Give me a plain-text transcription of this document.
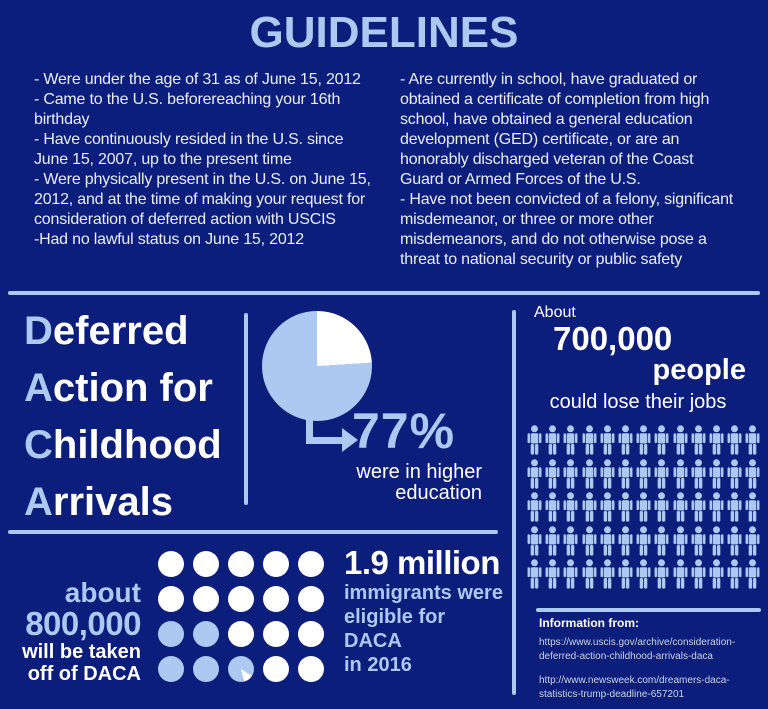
GUIDELINES
- Were under the age of 31 as of June 15, 2012
- Came to the U.S. beforereaching your 16th birthday
- Have continuously resided in the U.S. since June 15, 2007, up to the present time
- Were physically present in the U.S. on June 15, 2012, and at the time of making your request for consideration of deferred action with USCIS
-Had no lawful status on June 15, 2012
- Are currently in school, have graduated or obtained a certificate of completion from high school, have obtained a general education development (GED) certificate, or are an honorably discharged veteran of the Coast Guard or Armed Forces of the U.S.
- Have not been convicted of a felony, significant misdemeanor, or three or more other misdemeanors, and do not otherwise pose a threat to national security or public safety
Deferred
Action for
Childhood
Arrivals
77%
were in higher
education
About
700,000
people
could lose their jobs
about
800,000
will be taken
off of DACA
1.9 million
immigrants were
eligible for DACA
in 2016
Information from:
https://www.uscis.gov/archive/consideration-deferred-action-childhood-arrivals-daca
http://www.newsweek.com/dreamers-daca-statistics-trump-deadline-657201
